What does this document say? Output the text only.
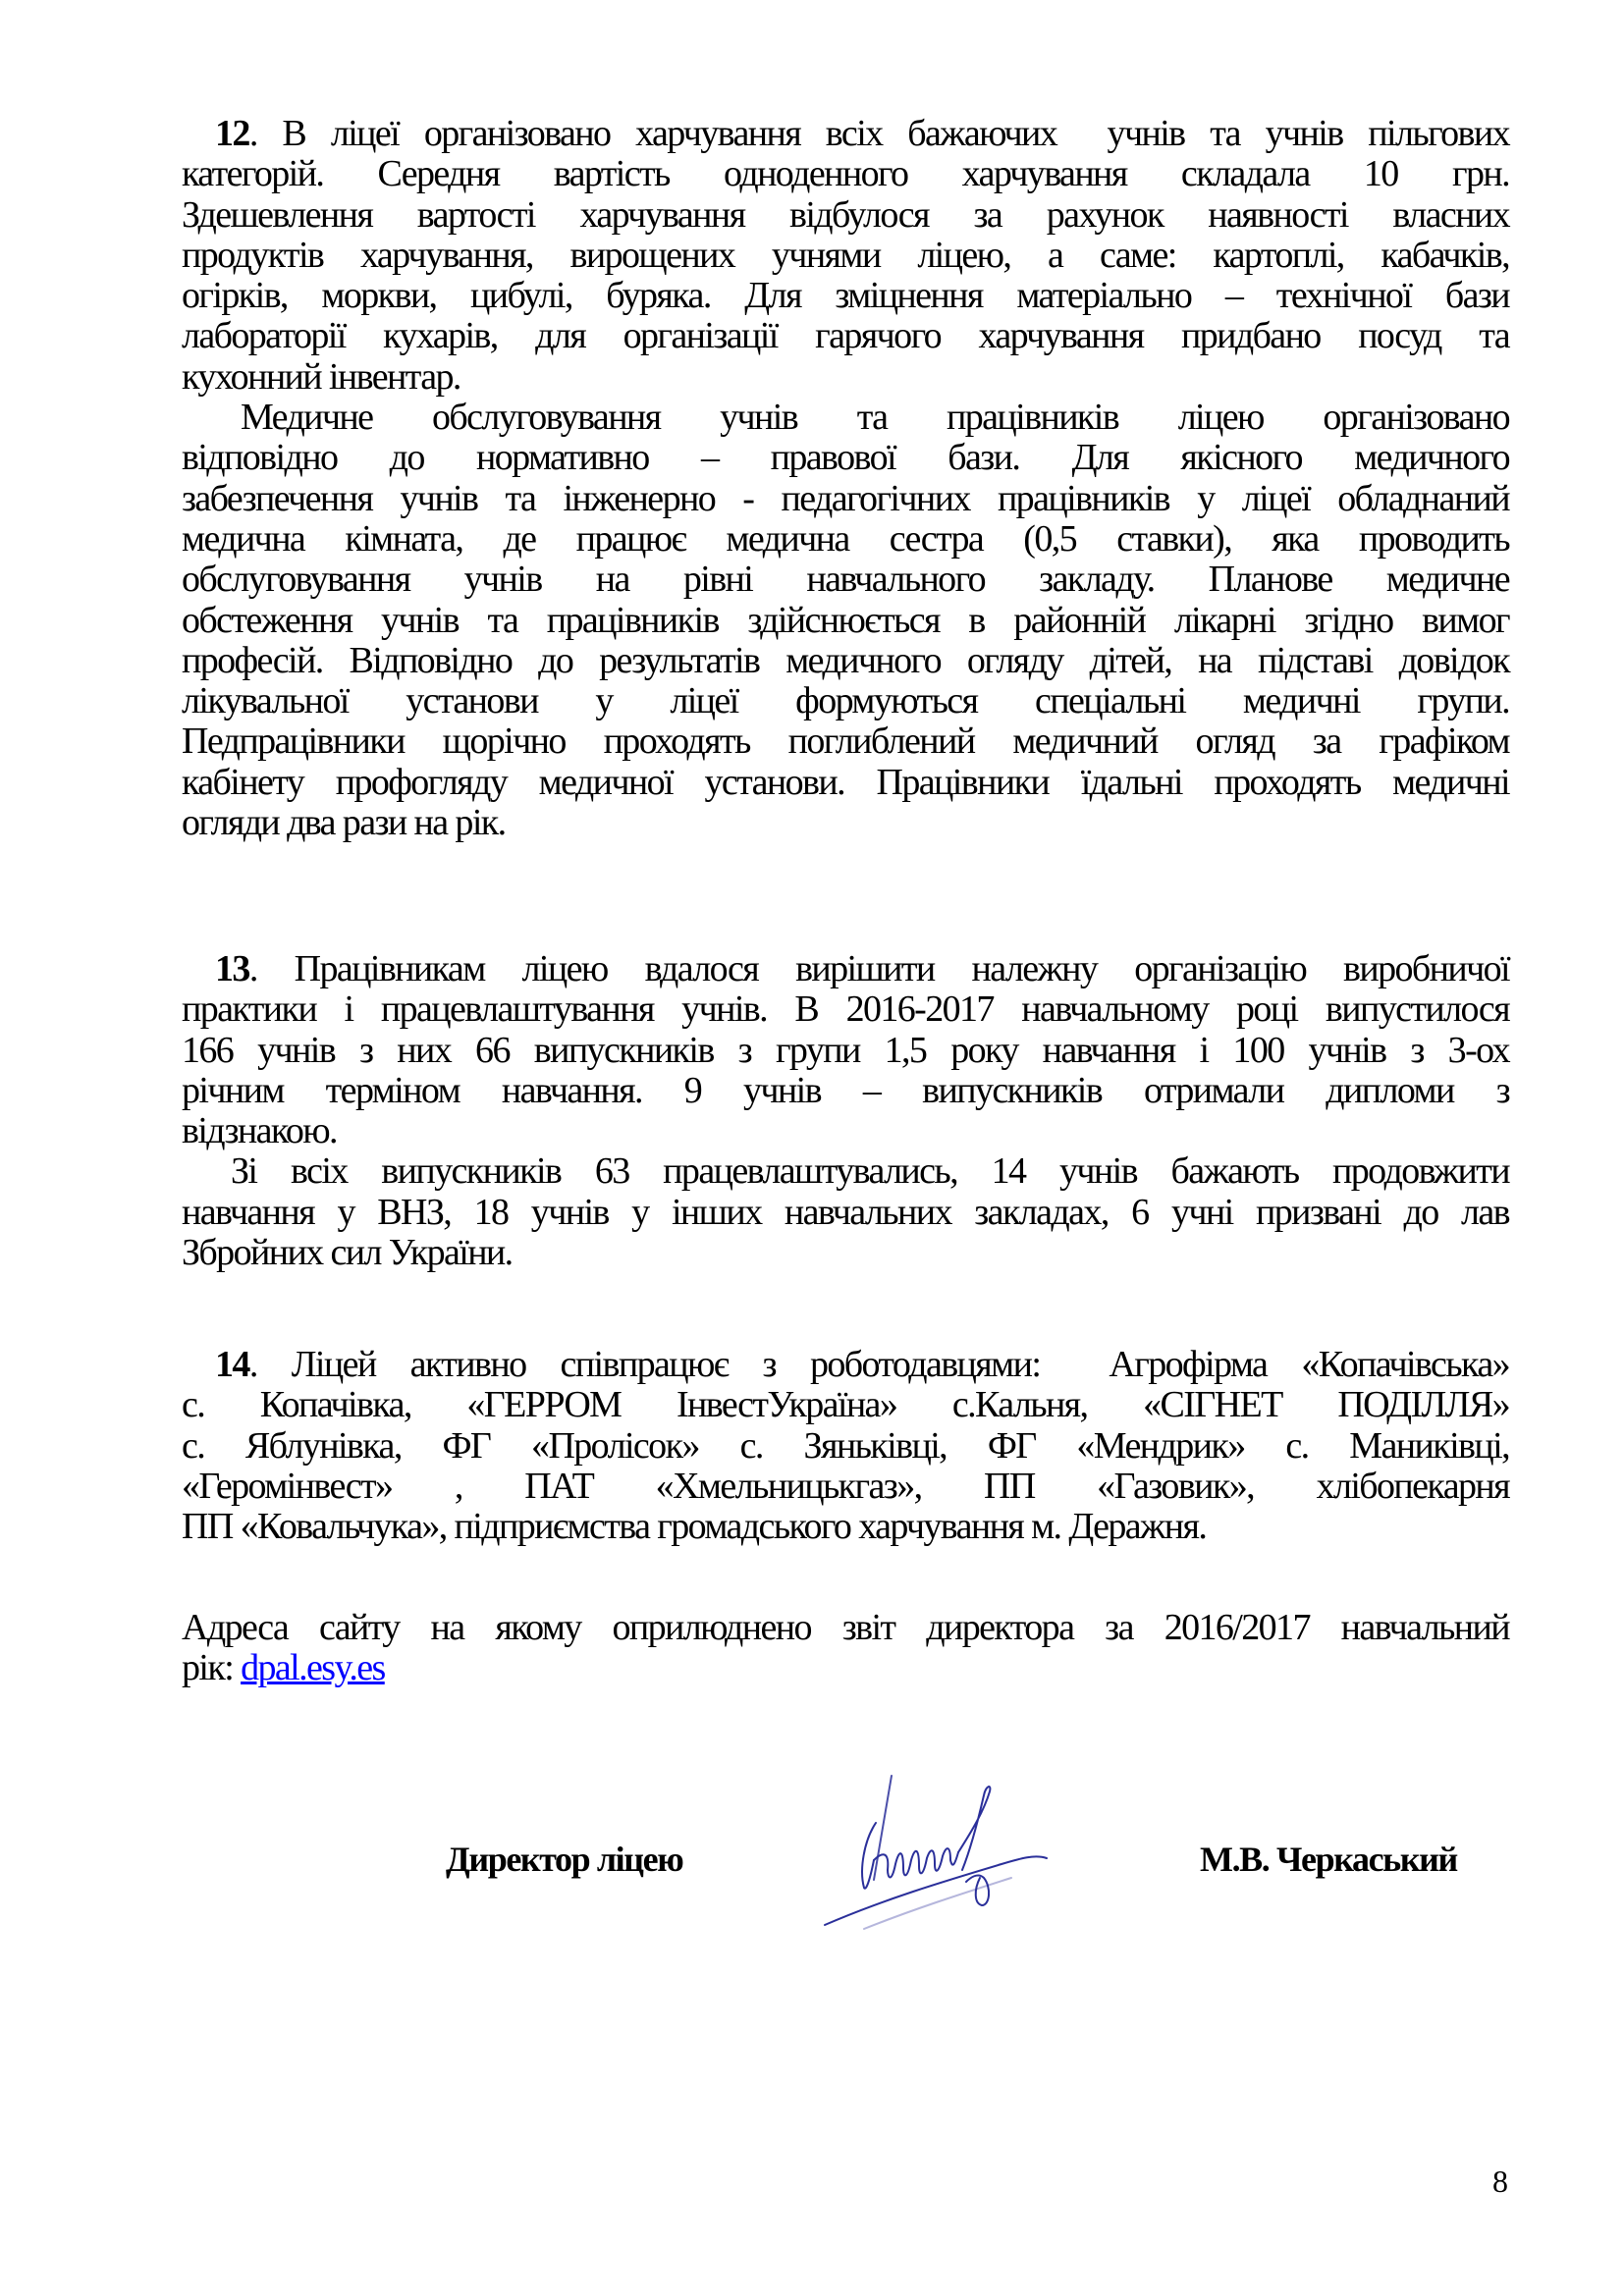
12. В ліцеї організовано харчування всіх бажаючих  учнів та учнів пільгових
категорій. Середня вартість одноденного харчування складала 10 грн.
Здешевлення вартості харчування відбулося за рахунок наявності власних
продуктів харчування, вирощених учнями ліцею, а саме: картоплі, кабачків,
огірків, моркви, цибулі, буряка. Для зміцнення матеріально – технічної бази
лабораторії кухарів, для організації гарячого харчування придбано посуд та
кухонний інвентар.
Медичне обслуговування учнів та працівників ліцею організовано
відповідно до нормативно – правової бази. Для якісного медичного
забезпечення учнів та інженерно - педагогічних працівників у ліцеї обладнаний
медична кімната, де працює медична сестра (0,5 ставки), яка проводить
обслуговування учнів на рівні навчального закладу. Планове медичне
обстеження учнів та працівників здійснюється в районній лікарні згідно вимог
професій. Відповідно до результатів медичного огляду дітей, на підставі довідок
лікувальної установи у ліцеї формуються спеціальні медичні групи.
Педпрацівники щорічно проходять поглиблений медичний огляд за графіком
кабінету профогляду медичної установи. Працівники їдальні проходять медичні
огляди два рази на рік.
13. Працівникам ліцею вдалося вирішити належну організацію виробничої
практики і працевлаштування учнів. В 2016-2017 навчальному році випустилося
166 учнів з них 66 випускників з групи 1,5 року навчання і 100 учнів з 3-ох
річним терміном навчання. 9 учнів – випускників отримали дипломи з
відзнакою.
Зі всіх випускників 63 працевлаштувались, 14 учнів бажають продовжити
навчання у ВНЗ, 18 учнів у інших навчальних закладах, 6 учні призвані до лав
Збройних сил України.
14. Ліцей активно співпрацює з роботодавцями:  Агрофірма «Копачівська»
с. Копачівка, «ГЕРРОМ ІнвестУкраїна» с.Кальня, «СІГНЕТ ПОДІЛЛЯ»
с. Яблунівка, ФГ «Пролісок» с. Зяньківці, ФГ «Мендрик» с. Маниківці,
«Геромінвест» , ПАТ «Хмельницькгаз», ПП «Газовик», хлібопекарня
ПП «Ковальчука», підприємства громадського харчування м. Деражня.
Адреса сайту на якому оприлюднено звіт директора за 2016/2017 навчальний
рік: dpal.esy.es
Директор ліцею	М.В. Черкаський
8
